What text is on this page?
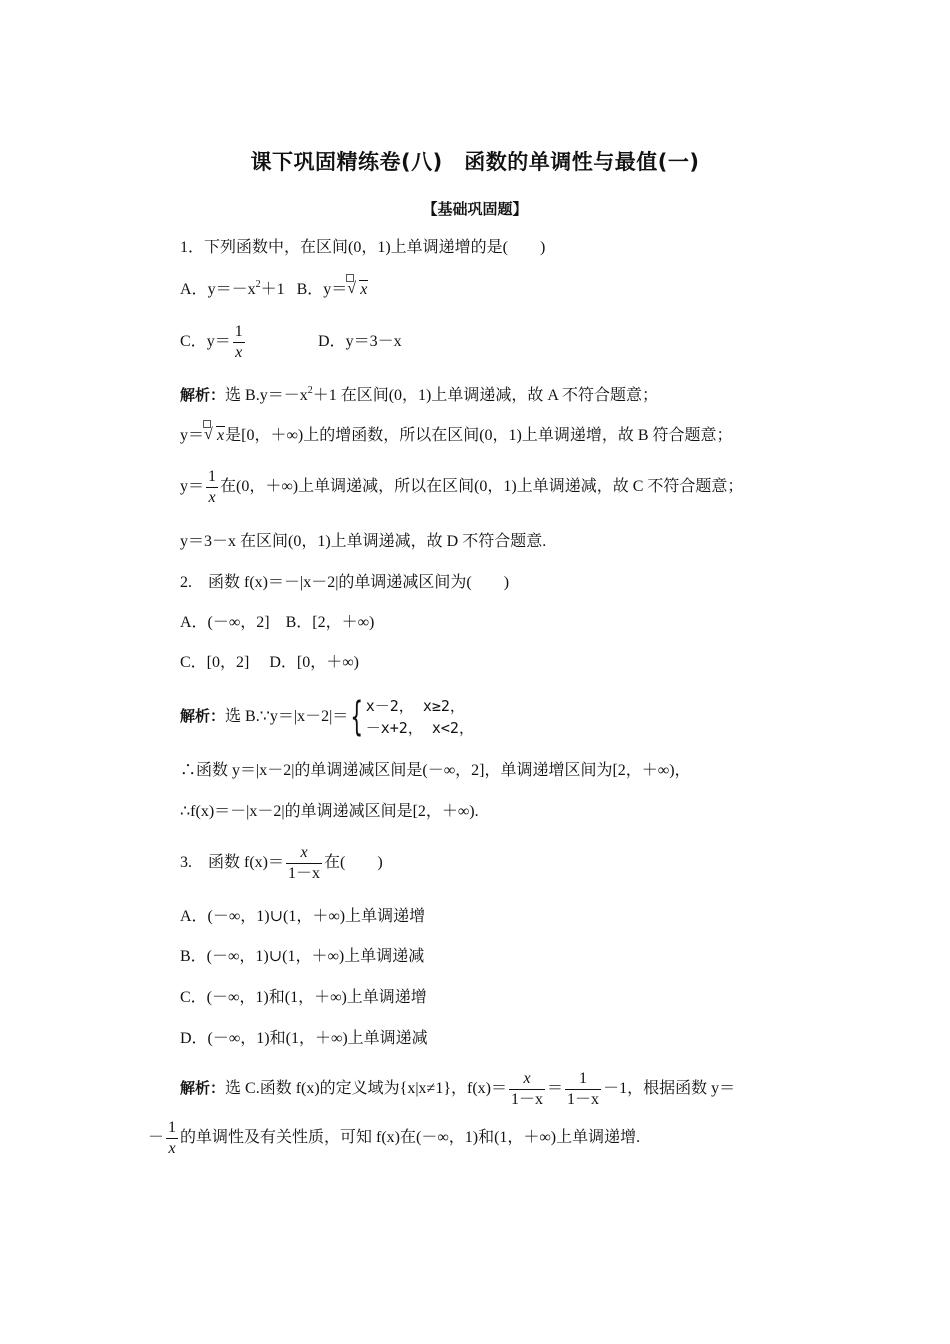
课下巩固精练卷(八)　函数的单调性与最值(一)
【基础巩固题】
1．下列函数中，在区间(0，1)上单调递增的是(　　)
A．$y=-x^2+1$ B．y＝ √ x
C．$y= \frac{1}{x}$	D．y＝3－x
解析：选 $B.y=-x^2+1$ 在区间(0，1)上单调递减，故 A 不符合题意；
y＝ √ x是[0，＋∞)上的增函数，所以在区间(0，1)上单调递增，故 B 符合题意；
$y= \frac{1}{x}$ 在(0，＋∞)上单调递减，所以在区间(0，1)上单调递减，故 C 不符合题意；
y＝3－x 在区间(0，1)上单调递减，故 D 不符合题意.
2.　函数 f(x)＝－|x－2|的单调递减区间为(　　)
A．(－∞，2]　B．[2，＋∞)
C．[0，2]　 D．[0，＋∞)
解析：选 B.∵y＝|x－2|＝{ x－2， x≥2，
－x+2， x<2，
∴函数 y＝|x－2|的单调递减区间是(－∞，2]，单调递增区间为[2，＋∞)，
∴f(x)＝－|x－2|的单调递减区间是[2，＋∞).
3.　函数 $f(x)= \frac{x}{1-x}$ 在(　　)
A．(－∞，1)∪(1，＋∞)上单调递增
B．(－∞，1)∪(1，＋∞)上单调递减
C．(－∞，1)和(1，＋∞)上单调递增
D．(－∞，1)和(1，＋∞)上单调递减
解析：选 C.函数 f(x)的定义域为{x|x≠1}，$f(x)= \frac{x}{1-x} = \frac{1}{1-x} -1$，根据函数 y＝
－ $\frac{1}{x}$ 的单调性及有关性质，可知 f(x)在(－∞，1)和(1，＋∞)上单调递增.
